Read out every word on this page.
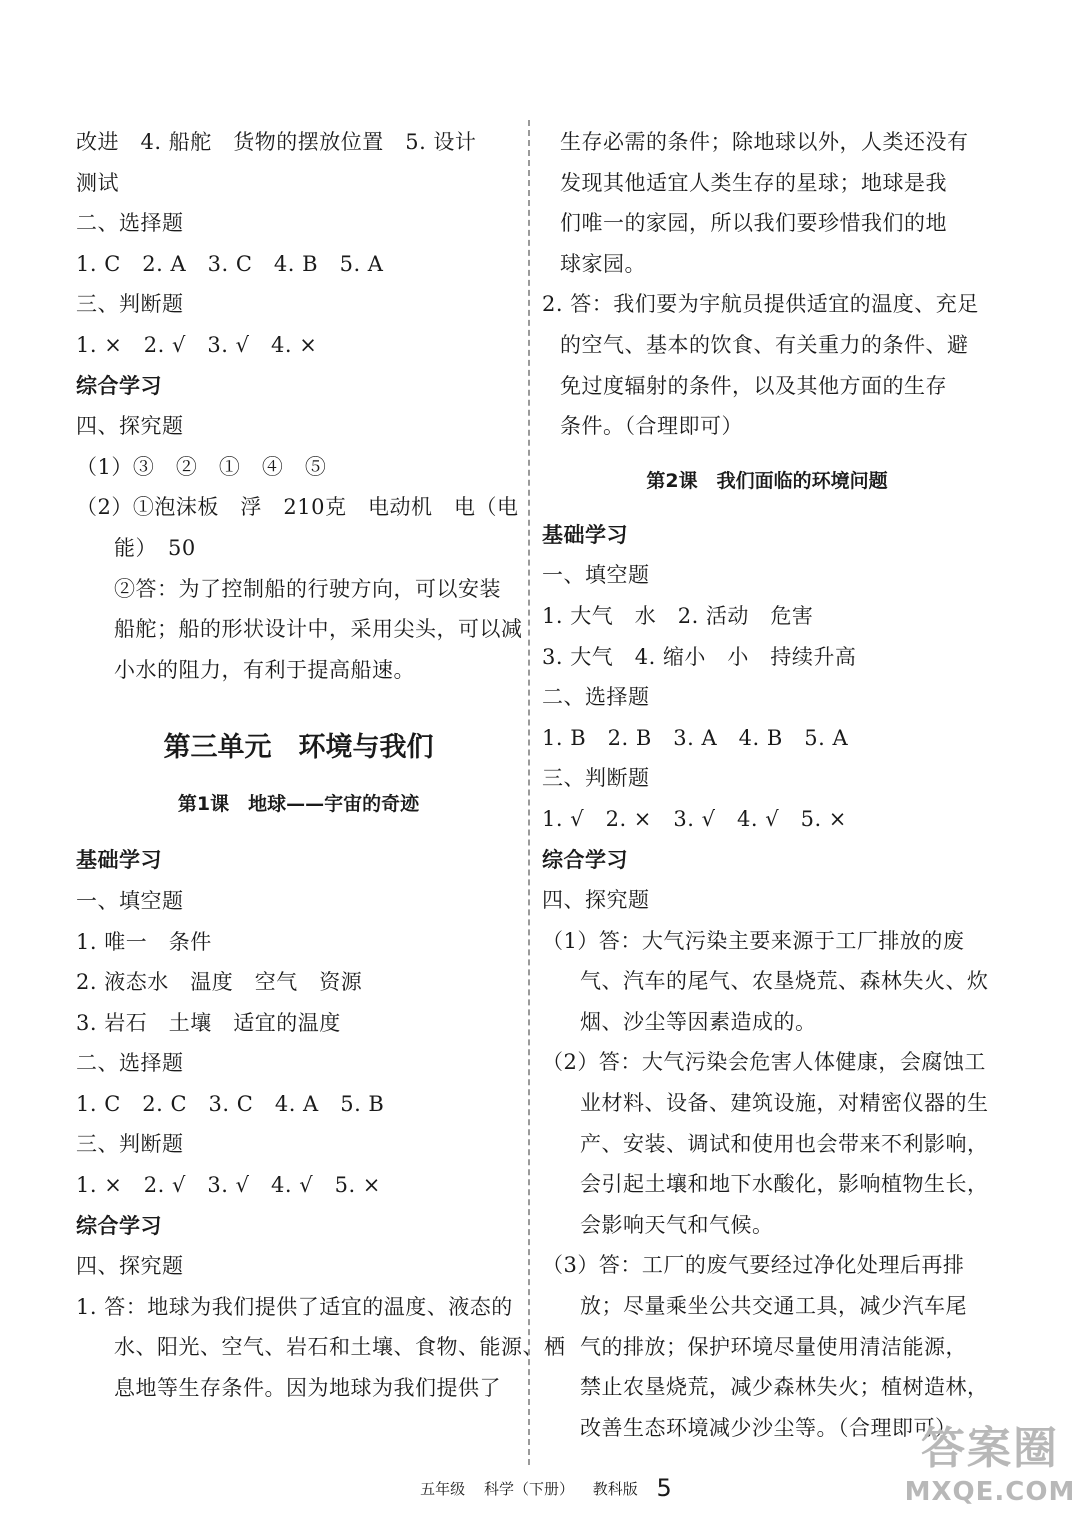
改进　4. 船舵　货物的摆放位置　5. 设计
测试
二、选择题
1. C　2. A　3. C　4. B　5. A
三、判断题
1. ×　2. √　3. √　4. ×
综合学习
四、探究题
（1）③　②　①　④　⑤
（2）①泡沫板　浮　210克　电动机　电（电
能）　50
②答：为了控制船的行驶方向，可以安装
船舵；船的形状设计中，采用尖头，可以减
小水的阻力，有利于提高船速。
第三单元　环境与我们
第1课　地球——宇宙的奇迹
基础学习
一、填空题
1. 唯一　条件
2. 液态水　温度　空气　资源
3. 岩石　土壤　适宜的温度
二、选择题
1. C　2. C　3. C　4. A　5. B
三、判断题
1. ×　2. √　3. √　4. √　5. ×
综合学习
四、探究题
1. 答：地球为我们提供了适宜的温度、液态的
水、阳光、空气、岩石和土壤、食物、能源、栖
息地等生存条件。因为地球为我们提供了
生存必需的条件；除地球以外，人类还没有
发现其他适宜人类生存的星球；地球是我
们唯一的家园，所以我们要珍惜我们的地
球家园。
2. 答：我们要为宇航员提供适宜的温度、充足
的空气、基本的饮食、有关重力的条件、避
免过度辐射的条件，以及其他方面的生存
条件。（合理即可）
第2课　我们面临的环境问题
基础学习
一、填空题
1. 大气　水　2. 活动　危害
3. 大气　4. 缩小　小　持续升高
二、选择题
1. B　2. B　3. A　4. B　5. A
三、判断题
1. √　2. ×　3. √　4. √　5. ×
综合学习
四、探究题
（1）答：大气污染主要来源于工厂排放的废
气、汽车的尾气、农垦烧荒、森林失火、炊
烟、沙尘等因素造成的。
（2）答：大气污染会危害人体健康，会腐蚀工
业材料、设备、建筑设施，对精密仪器的生
产、安装、调试和使用也会带来不利影响，
会引起土壤和地下水酸化，影响植物生长，
会影响天气和气候。
（3）答：工厂的废气要经过净化处理后再排
放；尽量乘坐公共交通工具，减少汽车尾
气的排放；保护环境尽量使用清洁能源，
禁止农垦烧荒，减少森林失火；植树造林，
改善生态环境减少沙尘等。（合理即可）
五年级 科学（下册） 教科版 5
答案圈
MXQE.COM
